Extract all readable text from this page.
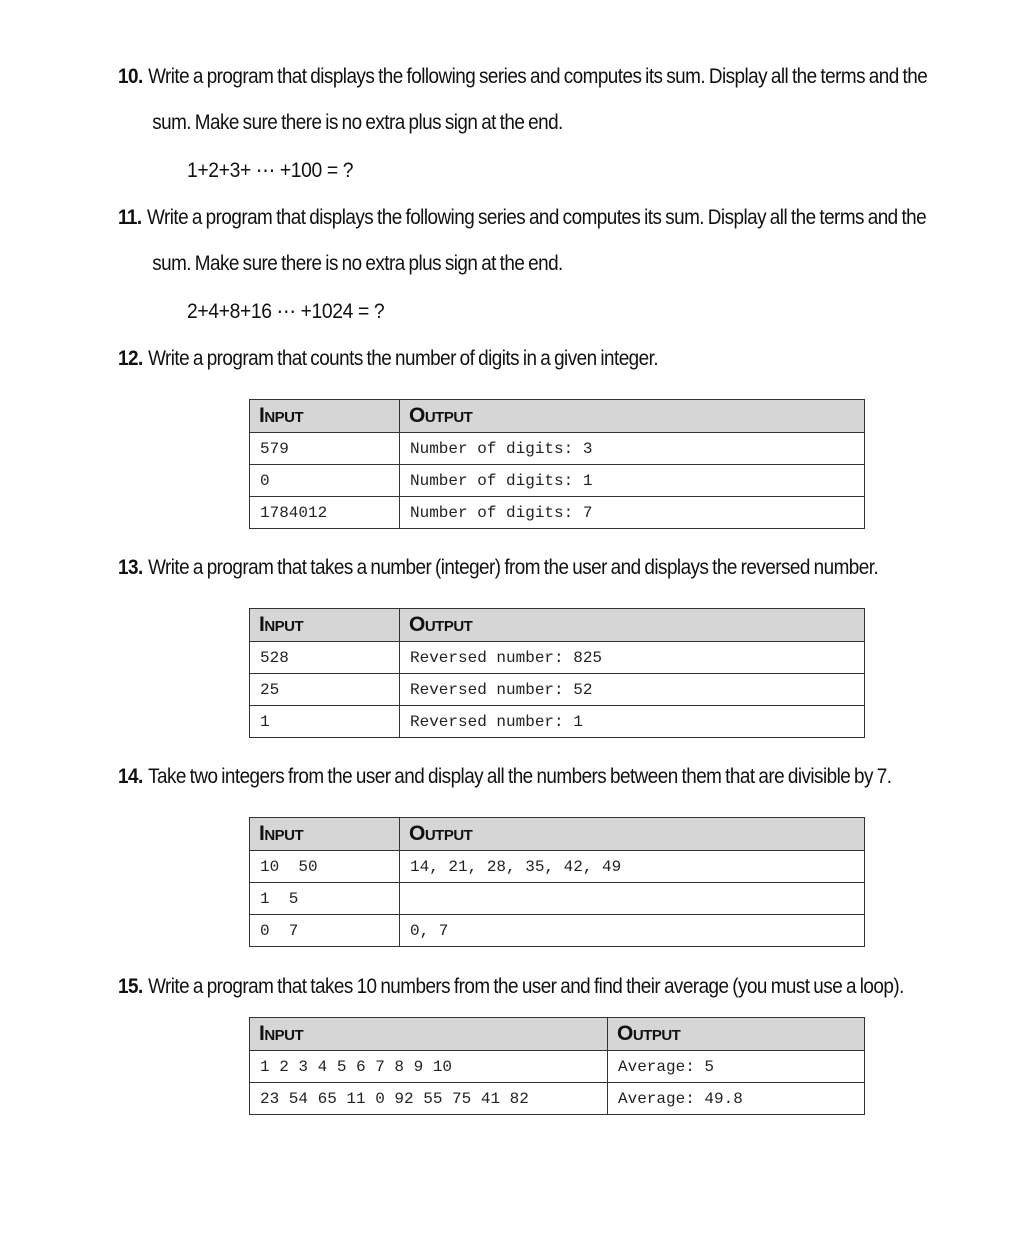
10. Write a program that displays the following series and computes its sum. Display all the terms and the
sum. Make sure there is no extra plus sign at the end.
1+2+3+ ⋯ +100 = ?
11. Write a program that displays the following series and computes its sum. Display all the terms and the
sum. Make sure there is no extra plus sign at the end.
2+4+8+16 ⋯ +1024 = ?
12. Write a program that counts the number of digits in a given integer.
Input	Output
579	Number of digits: 3
0	Number of digits: 1
1784012	Number of digits: 7
13. Write a program that takes a number (integer) from the user and displays the reversed number.
Input	Output
528	Reversed number: 825
25	Reversed number: 52
1	Reversed number: 1
14. Take two integers from the user and display all the numbers between them that are divisible by 7.
Input	Output
10  50	14, 21, 28, 35, 42, 49
1  5	
0  7	0, 7
15. Write a program that takes 10 numbers from the user and find their average (you must use a loop).
Input	Output
1 2 3 4 5 6 7 8 9 10	Average: 5
23 54 65 11 0 92 55 75 41 82	Average: 49.8
